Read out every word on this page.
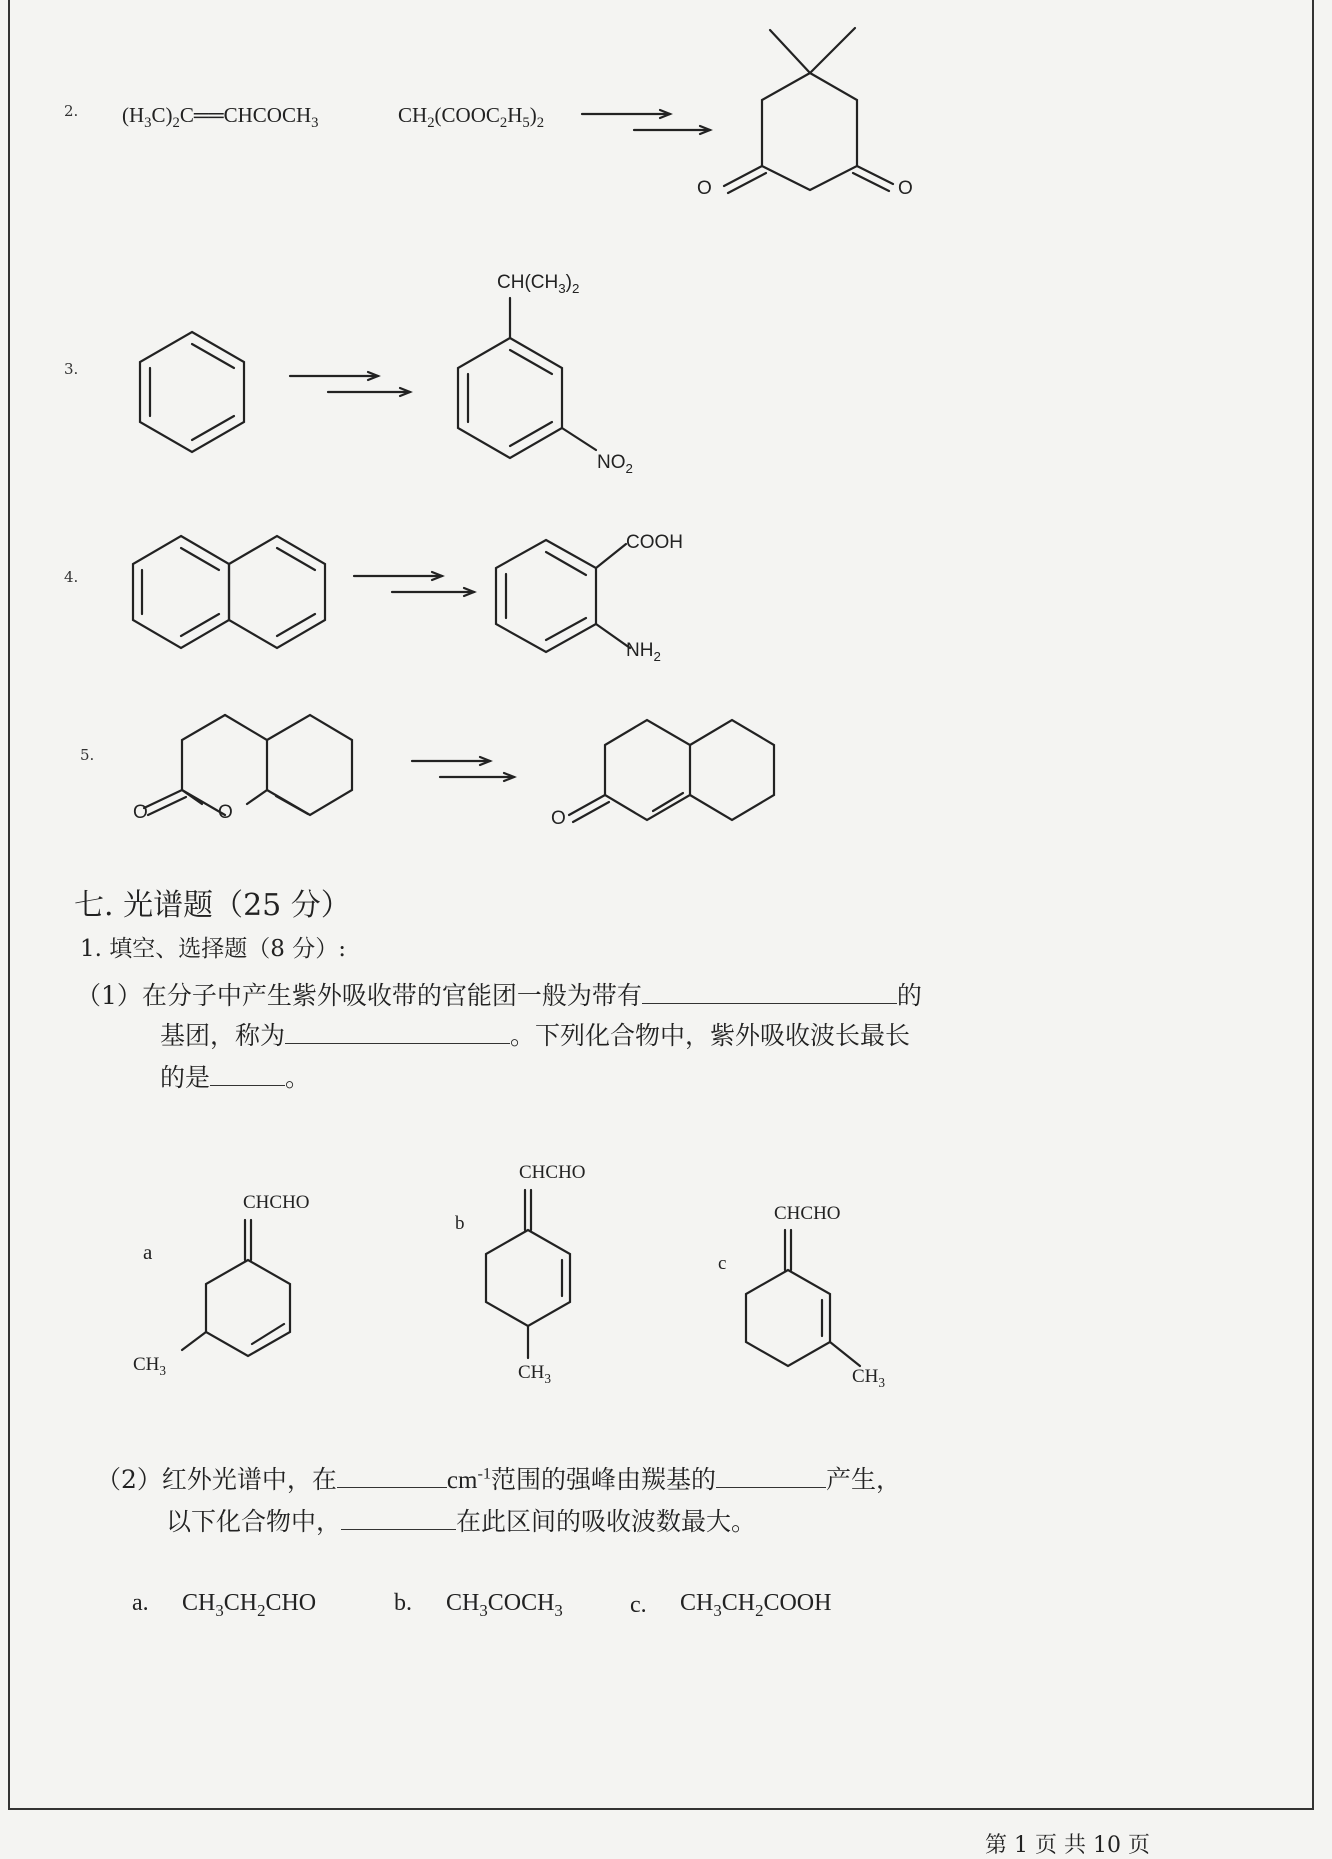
2. $(H_3C)_2C══CHCOCH_3$	$CH_2(COOC_2H_5)_2$
O	O
3.
$CH(CH_3)_2$
$NO_2$
4.
COOH
$NH_2$
5.
O	O	O
七. 光谱题（25 分）
1. 填空、选择题（8 分）:
（1）在分子中产生紫外吸收带的官能团一般为带有	的
基团，称为	。下列化合物中，紫外吸收波长最长
的是	。
a
CHCHO
$CH_3$
b
CHCHO
$CH_3$
c
CHCHO
$CH_3$
（2）红外光谱中，在	$cm^{-1}$范围的强峰由羰基的	产生，
以下化合物中，	在此区间的吸收波数最大。
a. $CH_3CH_2CHO$	b. $CH_3COCH_3$	c. $CH_3CH_2COOH$
第 1 页 共 10 页
